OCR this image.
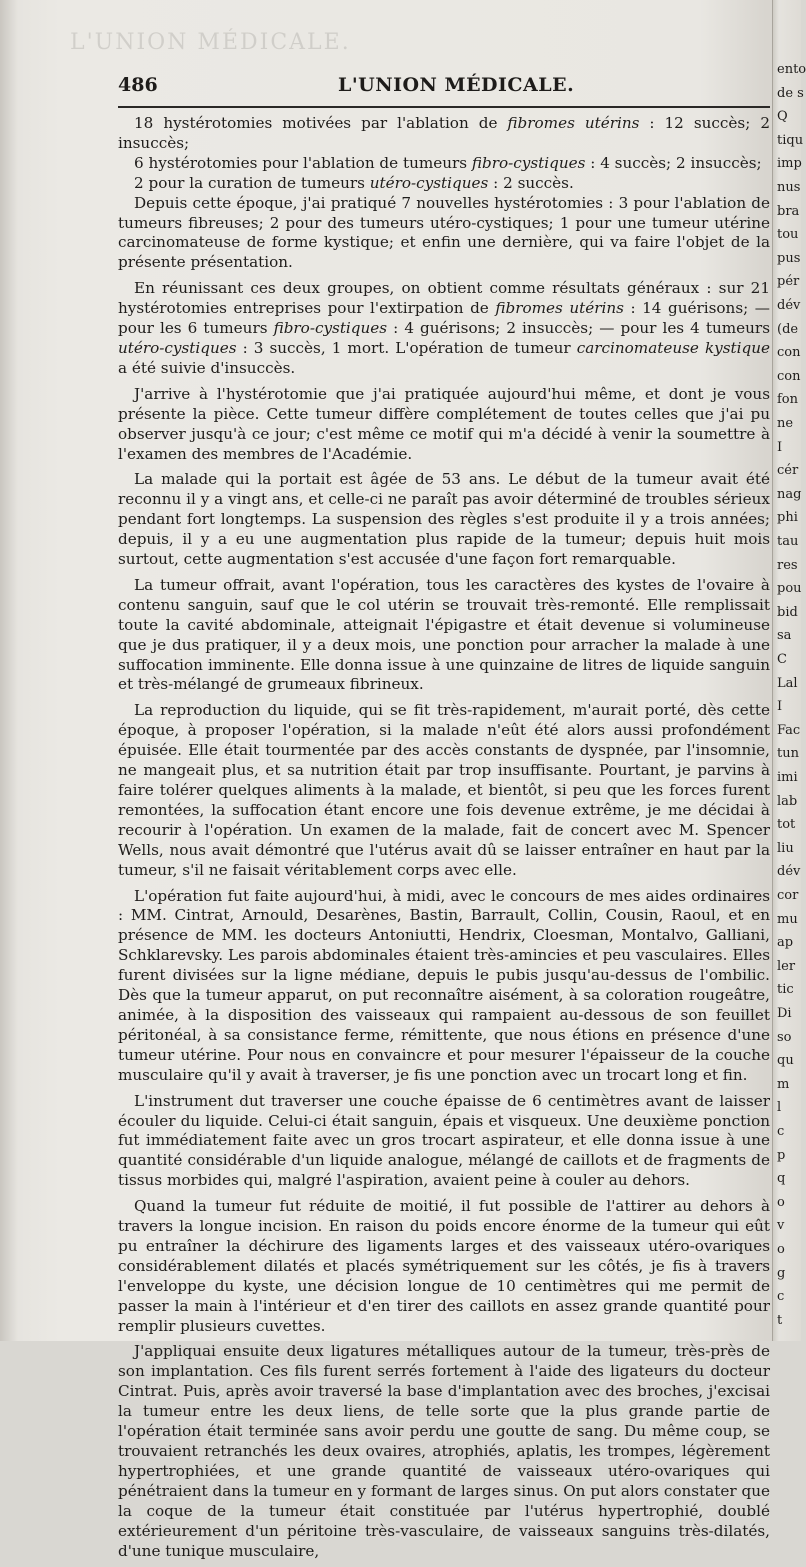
L'UNION MÉDICALE.
486	L'UNION MÉDICALE.

18 hystérotomies motivées par l'ablation de fibromes utérins : 12 succès; 2 insuccès;

6 hystérotomies pour l'ablation de tumeurs fibro-cystiques : 4 succès; 2 insuccès;

2 pour la curation de tumeurs utéro-cystiques : 2 succès.

Depuis cette époque, j'ai pratiqué 7 nouvelles hystérotomies : 3 pour l'ablation de tumeurs fibreuses; 2 pour des tumeurs utéro-cystiques; 1 pour une tumeur utérine carcinomateuse de forme kystique; et enfin une dernière, qui va faire l'objet de la présente présentation.

En réunissant ces deux groupes, on obtient comme résultats généraux : sur 21 hystérotomies entreprises pour l'extirpation de fibromes utérins : 14 guérisons; — pour les 6 tumeurs fibro-cystiques : 4 guérisons; 2 insuccès; — pour les 4 tumeurs utéro-cystiques : 3 succès, 1 mort. L'opération de tumeur carcinomateuse kystique a été suivie d'insuccès.

J'arrive à l'hystérotomie que j'ai pratiquée aujourd'hui même, et dont je vous présente la pièce. Cette tumeur diffère complétement de toutes celles que j'ai pu observer jusqu'à ce jour; c'est même ce motif qui m'a décidé à venir la soumettre à l'examen des membres de l'Académie.

La malade qui la portait est âgée de 53 ans. Le début de la tumeur avait été reconnu il y a vingt ans, et celle-ci ne paraît pas avoir déterminé de troubles sérieux pendant fort longtemps. La suspension des règles s'est produite il y a trois années; depuis, il y a eu une augmentation plus rapide de la tumeur; depuis huit mois surtout, cette augmentation s'est accusée d'une façon fort remarquable.

La tumeur offrait, avant l'opération, tous les caractères des kystes de l'ovaire à contenu sanguin, sauf que le col utérin se trouvait très-remonté. Elle remplissait toute la cavité abdominale, atteignait l'épigastre et était devenue si volumineuse que je dus pratiquer, il y a deux mois, une ponction pour arracher la malade à une suffocation imminente. Elle donna issue à une quinzaine de litres de liquide sanguin et très-mélangé de grumeaux fibrineux.

La reproduction du liquide, qui se fit très-rapidement, m'aurait porté, dès cette époque, à proposer l'opération, si la malade n'eût été alors aussi profondément épuisée. Elle était tourmentée par des accès constants de dyspnée, par l'insomnie, ne mangeait plus, et sa nutrition était par trop insuffisante. Pourtant, je parvins à faire tolérer quelques aliments à la malade, et bientôt, si peu que les forces furent remontées, la suffocation étant encore une fois devenue extrême, je me décidai à recourir à l'opération. Un examen de la malade, fait de concert avec M. Spencer Wells, nous avait démontré que l'utérus avait dû se laisser entraîner en haut par la tumeur, s'il ne faisait véritablement corps avec elle.

L'opération fut faite aujourd'hui, à midi, avec le concours de mes aides ordinaires : MM. Cintrat, Arnould, Desarènes, Bastin, Barrault, Collin, Cousin, Raoul, et en présence de MM. les docteurs Antoniutti, Hendrix, Cloesman, Montalvo, Galliani, Schklarevsky. Les parois abdominales étaient très-amincies et peu vasculaires. Elles furent divisées sur la ligne médiane, depuis le pubis jusqu'au-dessus de l'ombilic. Dès que la tumeur apparut, on put reconnaître aisément, à sa coloration rougeâtre, animée, à la disposition des vaisseaux qui rampaient au-dessous de son feuillet péritonéal, à sa consistance ferme, rémittente, que nous étions en présence d'une tumeur utérine. Pour nous en convaincre et pour mesurer l'épaisseur de la couche musculaire qu'il y avait à traverser, je fis une ponction avec un trocart long et fin.

L'instrument dut traverser une couche épaisse de 6 centimètres avant de laisser écouler du liquide. Celui-ci était sanguin, épais et visqueux. Une deuxième ponction fut immédiatement faite avec un gros trocart aspirateur, et elle donna issue à une quantité considérable d'un liquide analogue, mélangé de caillots et de fragments de tissus morbides qui, malgré l'aspiration, avaient peine à couler au dehors.

Quand la tumeur fut réduite de moitié, il fut possible de l'attirer au dehors à travers la longue incision. En raison du poids encore énorme de la tumeur qui eût pu entraîner la déchirure des ligaments larges et des vaisseaux utéro-ovariques considérablement dilatés et placés symétriquement sur les côtés, je fis à travers l'enveloppe du kyste, une décision longue de 10 centimètres qui me permit de passer la main à l'intérieur et d'en tirer des caillots en assez grande quantité pour remplir plusieurs cuvettes.

J'appliquai ensuite deux ligatures métalliques autour de la tumeur, très-près de son implantation. Ces fils furent serrés fortement à l'aide des ligateurs du docteur Cintrat. Puis, après avoir traversé la base d'implantation avec des broches, j'excisai la tumeur entre les deux liens, de telle sorte que la plus grande partie de l'opération était terminée sans avoir perdu une goutte de sang. Du même coup, se trouvaient retranchés les deux ovaires, atrophiés, aplatis, les trompes, légèrement hypertrophiées, et une grande quantité de vaisseaux utéro-ovariques qui pénétraient dans la tumeur en y formant de larges sinus. On put alors constater que la coque de la tumeur était constituée par l'utérus hypertrophié, doublé extérieurement d'un péritoine très-vasculaire, de vaisseaux sanguins très-dilatés, d'une tunique musculaire,

ento
de s
Q
tiqu
imp
nus
bra
tou
pus
pér
dév
(de
con
con
fon
ne
I
cér
nag
phi
tau
res
pou
bid
sa
C
Lal
I
Fac
tun
imi
lab
tot
liu
dév
cor
mu
ap
ler
tic
Di
so
qu
m
l
c
p
q
o
v
o
g
c
t
